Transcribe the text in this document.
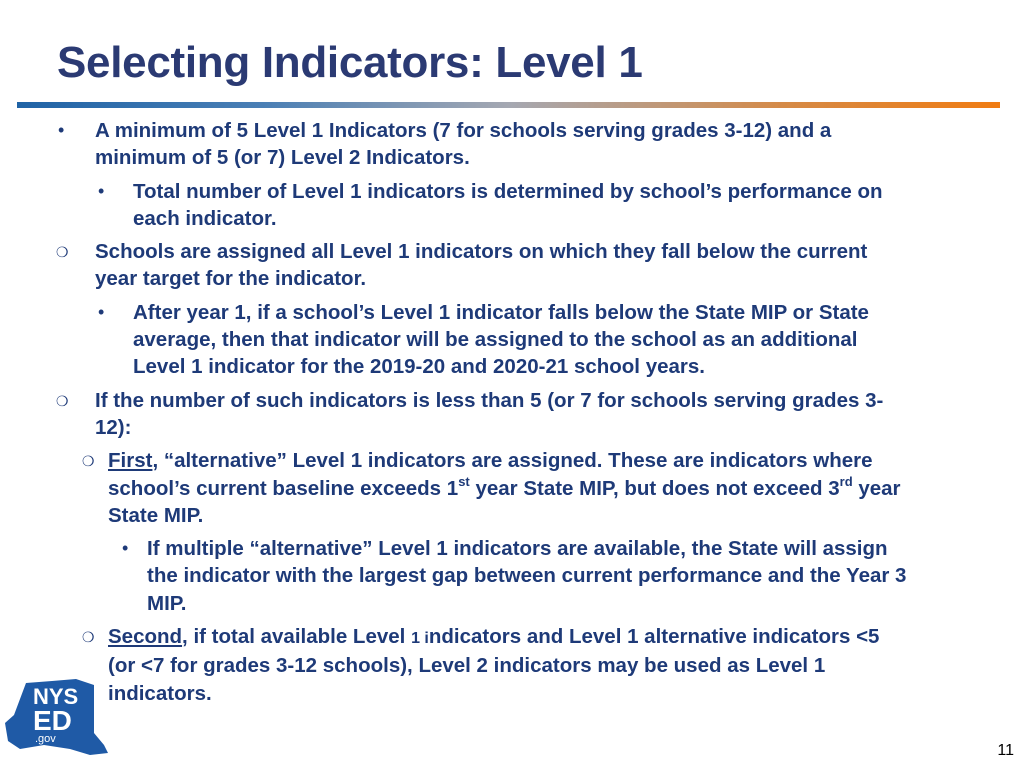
Selecting Indicators: Level 1
• A minimum of 5 Level 1 Indicators (7 for schools serving grades 3-12) and a minimum of 5 (or 7) Level 2 Indicators.
• Total number of Level 1 indicators is determined by school’s performance on each indicator.
❍ Schools are assigned all Level 1 indicators on which they fall below the current year target for the indicator.
• After year 1, if a school’s Level 1 indicator falls below the State MIP or State average, then that indicator will be assigned to the school as an additional Level 1 indicator for the 2019-20 and 2020-21 school years.
❍ If the number of such indicators is less than 5 (or 7 for schools serving grades 3-12):
❍ First, “alternative” Level 1 indicators are assigned. These are indicators where school’s current baseline exceeds 1st year State MIP, but does not exceed 3rd year State MIP.
• If multiple “alternative” Level 1 indicators are available, the State will assign the indicator with the largest gap between current performance and the Year 3 MIP.
❍ Second, if total available Level 1 indicators and Level 1 alternative indicators <5 (or <7 for grades 3-12 schools), Level 2 indicators may be used as Level 1 indicators.
NYS
ED
.gov
11
